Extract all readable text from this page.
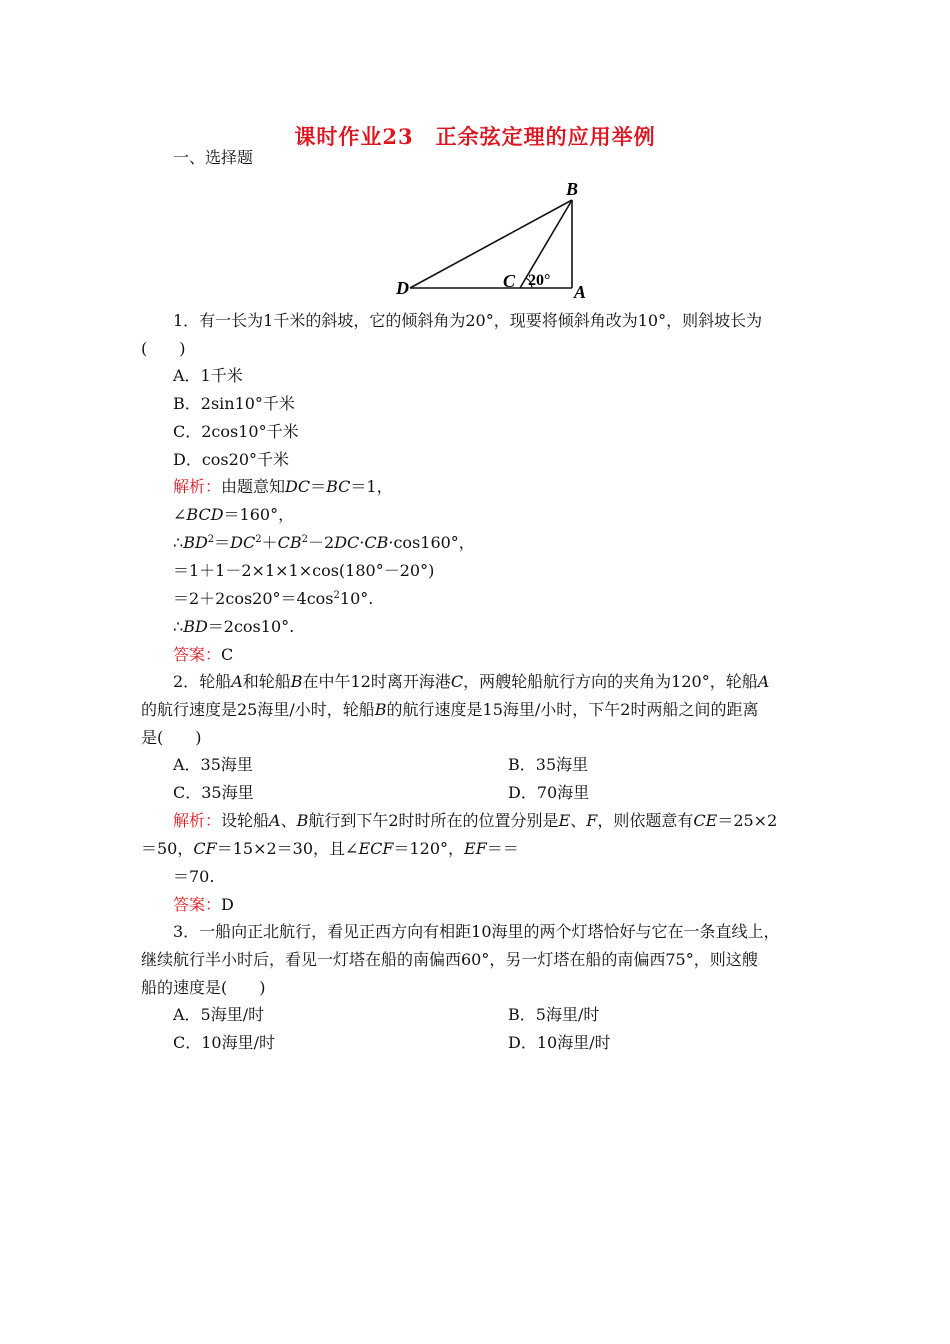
课时作业23　正余弦定理的应用举例
一、选择题
B
D	C
A
20°
1．有一长为1千米的斜坡，它的倾斜角为20°，现要将倾斜角改为10°，则斜坡长为
(　　)
A．1千米
B．2sin10°千米
C．2cos10°千米
D．cos20°千米
解析：由题意知DC＝BC＝1，
∠BCD＝160°，
$\therefore BD^2=DC^2+CB^2-2DC\cdot CB\cdot\cos 160^\circ$，
＝1＋1－2×1×1×cos(180°－20°)
$=2+2\cos 20^\circ=4\cos^210^\circ$.
∴BD＝2cos10°.
答案：C
2．轮船A和轮船B在中午12时离开海港C，两艘轮船航行方向的夹角为120°，轮船A
的航行速度是25海里/小时，轮船B的航行速度是15海里/小时，下午2时两船之间的距离
是(　　)
A．35海里	B．35海里
C．35海里	D．70海里
解析：设轮船A、B航行到下午2时时所在的位置分别是E、F，则依题意有CE＝25×2
＝50，CF＝15×2＝30，且∠ECF＝120°，EF＝＝
＝70.
答案：D
3．一船向正北航行，看见正西方向有相距10海里的两个灯塔恰好与它在一条直线上，
继续航行半小时后，看见一灯塔在船的南偏西60°，另一灯塔在船的南偏西75°，则这艘
船的速度是(　　)
A．5海里/时	B．5海里/时
C．10海里/时	D．10海里/时
